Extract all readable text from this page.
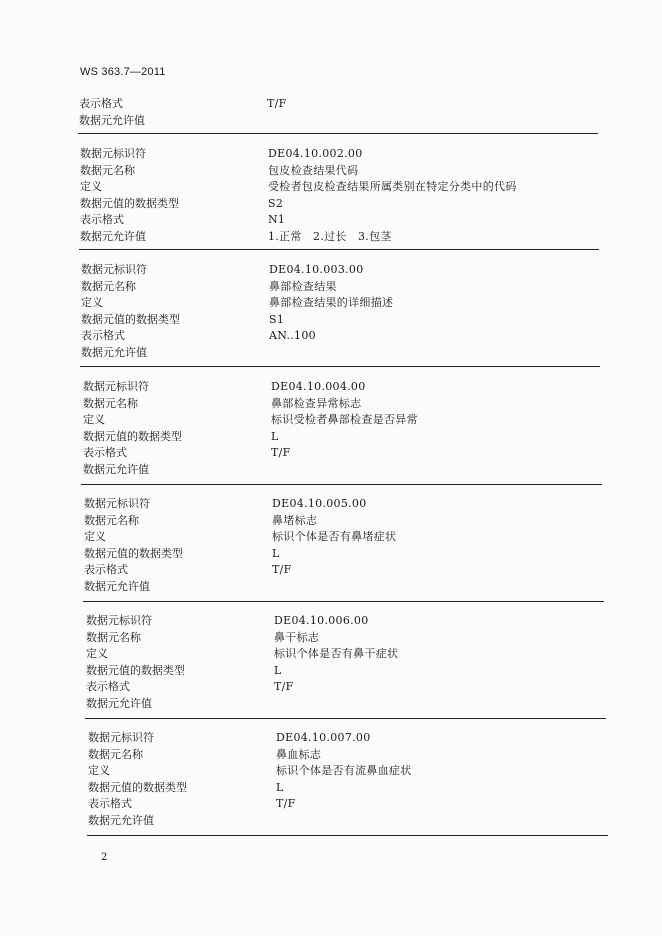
WS 363.7—2011
表示格式	T/F
数据元允许值
数据元标识符	DE04.10.002.00
数据元名称	包皮检查结果代码
定义	受检者包皮检查结果所属类别在特定分类中的代码
数据元值的数据类型	S2
表示格式	N1
数据元允许值	1.正常　2.过长　3.包茎
数据元标识符	DE04.10.003.00
数据元名称	鼻部检查结果
定义	鼻部检查结果的详细描述
数据元值的数据类型	S1
表示格式	AN..100
数据元允许值
数据元标识符	DE04.10.004.00
数据元名称	鼻部检查异常标志
定义	标识受检者鼻部检查是否异常
数据元值的数据类型	L
表示格式	T/F
数据元允许值
数据元标识符	DE04.10.005.00
数据元名称	鼻堵标志
定义	标识个体是否有鼻堵症状
数据元值的数据类型	L
表示格式	T/F
数据元允许值
数据元标识符	DE04.10.006.00
数据元名称	鼻干标志
定义	标识个体是否有鼻干症状
数据元值的数据类型	L
表示格式	T/F
数据元允许值
数据元标识符	DE04.10.007.00
数据元名称	鼻血标志
定义	标识个体是否有流鼻血症状
数据元值的数据类型	L
表示格式	T/F
数据元允许值
2
